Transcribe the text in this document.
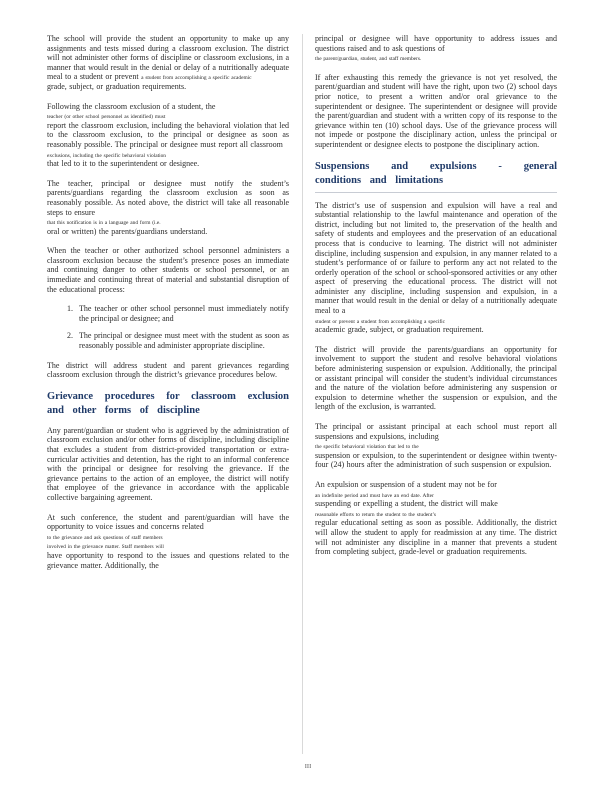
The school will provide the student an opportunity to make up any assignments and tests missed during a classroom exclusion. The district will not administer other forms of discipline or classroom exclusions, in a manner that would result in the denial or delay of a nutritionally adequate meal to a student or prevent a student from accomplishing a specific academic
grade, subject, or graduation requirements.

Following the classroom exclusion of a student, the
teacher (or other school personnel as identified) must
report the classroom exclusion, including the behavioral violation that led to the classroom exclusion, to the principal or designee as soon as reasonably possible. The principal or designee must report all classroom
exclusions, including the specific behavioral violation
that led to it to the superintendent or designee.

The teacher, principal or designee must notify the student’s parents/guardians regarding the classroom exclusion as soon as reasonably possible. As noted above, the district will take all reasonable steps to ensure
that this notification is in a language and form (i.e.
oral or written) the parents/guardians understand.

When the teacher or other authorized school personnel administers a classroom exclusion because the student’s presence poses an immediate and continuing danger to other students or school personnel, or an immediate and continuing threat of material and substantial disruption of the educational process:

1. The teacher or other school personnel must immediately notify the principal or designee; and
2. The principal or designee must meet with the student as soon as reasonably possible and administer appropriate discipline.

The district will address student and parent grievances regarding classroom exclusion through the district’s grievance procedures below.

Grievance procedures for classroom exclusion and other forms of discipline

Any parent/guardian or student who is aggrieved by the administration of classroom exclusion and/or other forms of discipline, including discipline that excludes a student from district-provided transportation or extra-curricular activities and detention, has the right to an informal conference with the principal or designee for resolving the grievance. If the grievance pertains to the action of an employee, the district will notify that employee of the grievance in accordance with the applicable collective bargaining agreement.

At such conference, the student and parent/guardian will have the opportunity to voice issues and concerns related
to the grievance and ask questions of staff members
involved in the grievance matter. Staff members will
have opportunity to respond to the issues and questions related to the grievance matter. Additionally, the

principal or designee will have opportunity to address issues and questions raised and to ask questions of
the parent/guardian, student, and staff members.

If after exhausting this remedy the grievance is not yet resolved, the parent/guardian and student will have the right, upon two (2) school days prior notice, to present a written and/or oral grievance to the superintendent or designee. The superintendent or designee will provide the parent/guardian and student with a written copy of its response to the grievance within ten (10) school days. Use of the grievance process will not impede or postpone the disciplinary action, unless the principal or superintendent or designee elects to postpone the disciplinary action.

Suspensions and expulsions - general conditions and limitations

The district’s use of suspension and expulsion will have a real and substantial relationship to the lawful maintenance and operation of the district, including but not limited to, the preservation of the health and safety of students and employees and the preservation of an educational process that is conducive to learning. The district will not administer discipline, including suspension and expulsion, in any manner related to a student’s performance of or failure to perform any act not related to the orderly operation of the school or school-sponsored activities or any other aspect of preserving the educational process. The district will not administer any discipline, including suspension and expulsion, in a manner that would result in the denial or delay of a nutritionally adequate meal to a
student or prevent a student from accomplishing a specific
academic grade, subject, or graduation requirement.

The district will provide the parents/guardians an opportunity for involvement to support the student and resolve behavioral violations before administering suspension or expulsion. Additionally, the principal or assistant principal will consider the student’s individual circumstances and the nature of the violation before administering any suspension or expulsion to determine whether the suspension or expulsion, and the length of the exclusion, is warranted.

The principal or assistant principal at each school must report all suspensions and expulsions, including
the specific behavioral violation that led to the
suspension or expulsion, to the superintendent or designee within twenty-four (24) hours after the administration of such suspension or expulsion.

An expulsion or suspension of a student may not be for
an indefinite period and must have an end date. After
suspending or expelling a student, the district will make
reasonable efforts to return the student to the student’s
regular educational setting as soon as possible. Additionally, the district will allow the student to apply for readmission at any time. The district will not administer any discipline in a manner that prevents a student from completing subject, grade-level or graduation requirements.

III
